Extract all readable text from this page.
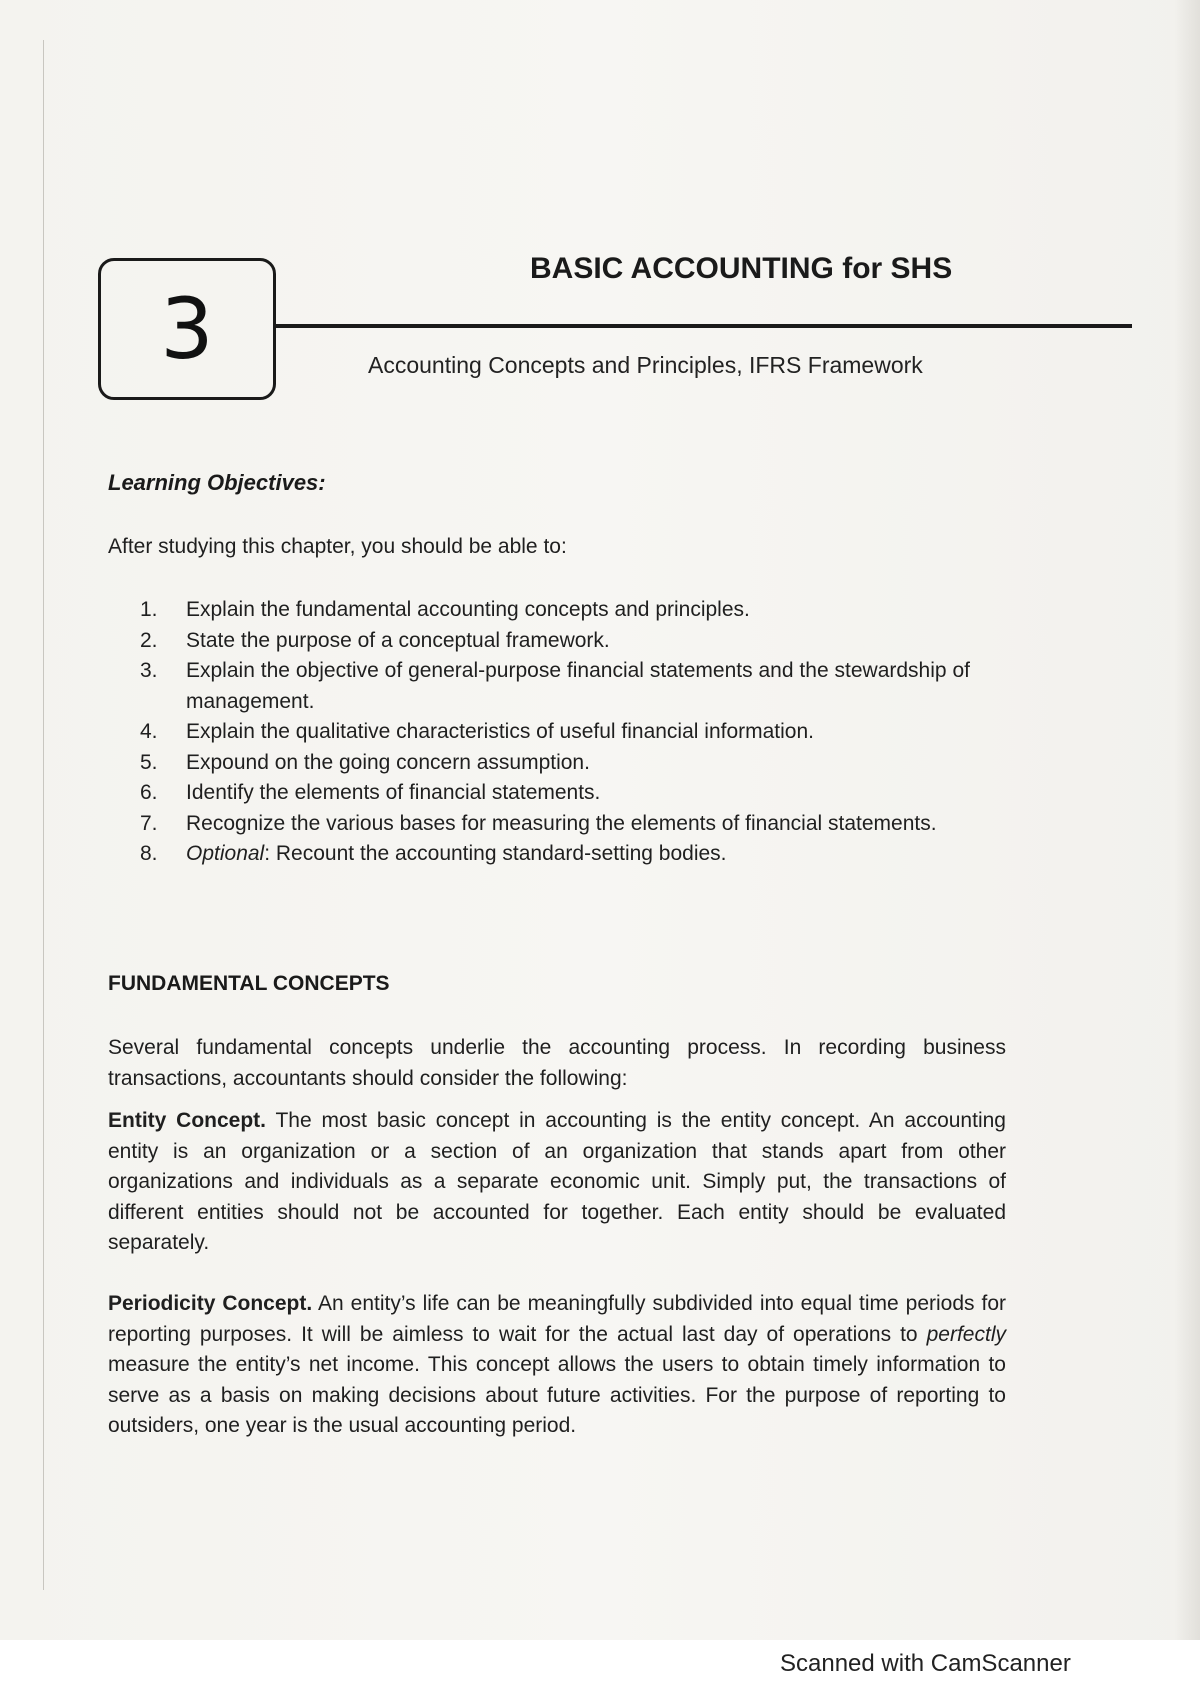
3
BASIC ACCOUNTING for SHS
Accounting Concepts and Principles, IFRS Framework
Learning Objectives:
After studying this chapter, you should be able to:
1.	Explain the fundamental accounting concepts and principles.
2.	State the purpose of a conceptual framework.
3.	Explain the objective of general-purpose financial statements and the stewardship of management.
4.	Explain the qualitative characteristics of useful financial information.
5.	Expound on the going concern assumption.
6.	Identify the elements of financial statements.
7.	Recognize the various bases for measuring the elements of financial statements.
8.	Optional: Recount the accounting standard-setting bodies.
FUNDAMENTAL CONCEPTS
Several fundamental concepts underlie the accounting process. In recording business transactions, accountants should consider the following:
Entity Concept. The most basic concept in accounting is the entity concept. An accounting entity is an organization or a section of an organization that stands apart from other organizations and individuals as a separate economic unit. Simply put, the transactions of different entities should not be accounted for together. Each entity should be evaluated separately.
Periodicity Concept. An entity’s life can be meaningfully subdivided into equal time periods for reporting purposes. It will be aimless to wait for the actual last day of operations to perfectly measure the entity’s net income. This concept allows the users to obtain timely information to serve as a basis on making decisions about future activities. For the purpose of reporting to outsiders, one year is the usual accounting period.
Scanned with CamScanner
